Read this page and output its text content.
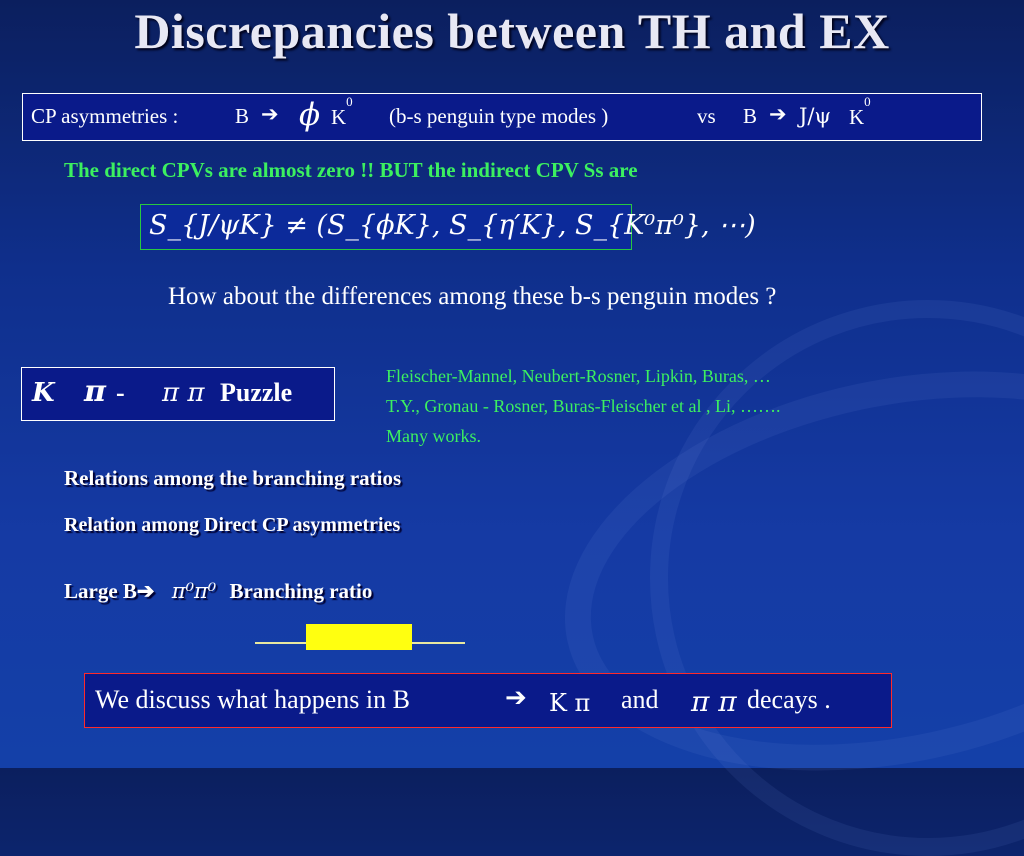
Discrepancies between TH and EX
CP asymmetries :	B ➔ ϕ $K^0$
(b-s penguin type modes )	vs B ➔ J/ψ $K^0$
The direct CPVs are almost zero !! BUT the indirect CPV Ss are
S_{J/ψK} ≠ (S_{ϕK}, S_{η′K}, S_{K⁰π⁰}, ⋯)
How about the differences among these b-s penguin modes ?
K π - π π Puzzle
Fleischer-Mannel, Neubert-Rosner, Lipkin, Buras, …
T.Y., Gronau - Rosner, Buras-Fleischer et al , Li, …….
Many works.
Relations among the branching ratios
Relation among Direct CP asymmetries
Large B➔ π⁰π⁰ Branching ratio
We discuss what happens in B	➔ K π and π π decays .
